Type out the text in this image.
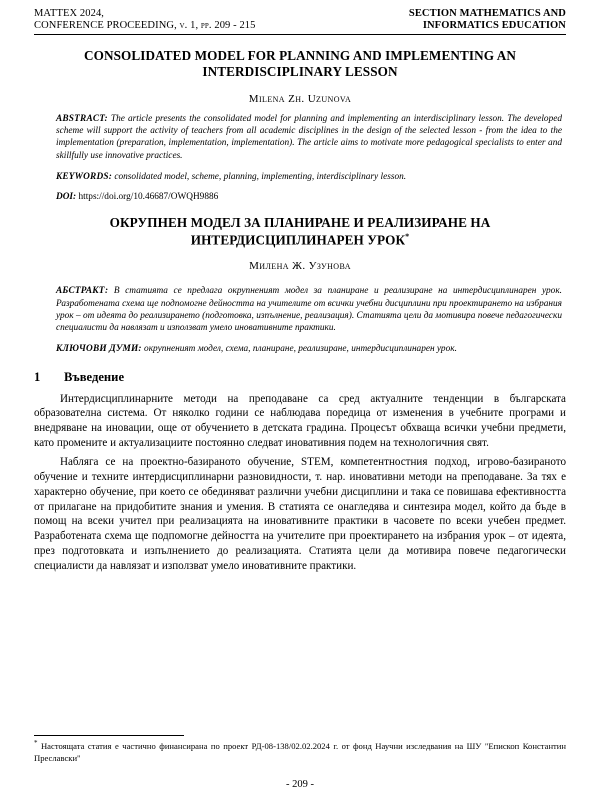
MATTEX 2024,
CONFERENCE PROCEEDING, v. 1, pp. 209 - 215
SECTION MATHEMATICS AND
INFORMATICS EDUCATION
CONSOLIDATED MODEL FOR PLANNING AND IMPLEMENTING AN INTERDISCIPLINARY LESSON
Milena Zh. Uzunova

ABSTRACT: The article presents the consolidated model for planning and implementing an interdisciplinary lesson. The developed scheme will support the activity of teachers from all academic disciplines in the design of the selected lesson - from the idea to the implementation (preparation, implementation, implementation). The article aims to motivate more pedagogical specialists to enter and skillfully use innovative practices.

KEYWORDS: consolidated model, scheme, planning, implementing, interdisciplinary lesson.

DOI: https://doi.org/10.46687/OWQH9886

ОКРУПНЕН МОДЕЛ ЗА ПЛАНИРАНЕ И РЕАЛИЗИРАНЕ НА ИНТЕРДИСЦИПЛИНАРЕН УРОК*
Милена Ж. Узунова

АБСТРАКТ: В статията се предлага окрупненият модел за планиране и реализиране на интердисциплинарен урок. Разработената схема ще подпомогне дейността на учителите от всички учебни дисциплини при проектирането на избрания урок – от идеята до реализирането (подготовка, изпълнение, реализация). Статията цели да мотивира повече педагогически специалисти да навлязат и използват умело иновативните практики.

КЛЮЧОВИ ДУМИ: окрупненият модел, схема, планиране, реализиране, интердисциплинарен урок.

1	Въведение

Интердисциплинарните методи на преподаване са сред актуалните тенденции в българската образователна система. От няколко години се наблюдава поредица от изменения в учебните програми и внедряване на иновации, още от обучението в детската градина. Процесът обхваща всички учебни предмети, като промените и актуализациите постоянно следват иновативния подем на технологичния свят.

Наблягa се на проектно-базираното обучение, STEM, компетентностния подход, игрово-базираното обучение и техните интердисциплинарни разновидности, т. нар. иновативни методи на преподаване. За тях е характерно обучение, при което се обединяват различни учебни дисциплини и така се повишава ефективността от прилагане на придобитите знания и умения. В статията се онагледява и синтезира модел, който да бъде в помощ на всеки учител при реализацията на иновативните практики в часовете по всеки учебен предмет. Разработената схема ще подпомогне дейността на учителите при проектирането на избрания урок – от идеята, през подготовката и изпълнението до реализацията. Статията цели да мотивира повече педагогически специалисти да навлязат и използват умело иновативните практики.

* Настоящата статия е частично финансирана по проект РД-08-138/02.02.2024 г. от фонд Научни изследвания на ШУ "Епископ Константин Преславски"
- 209 -
